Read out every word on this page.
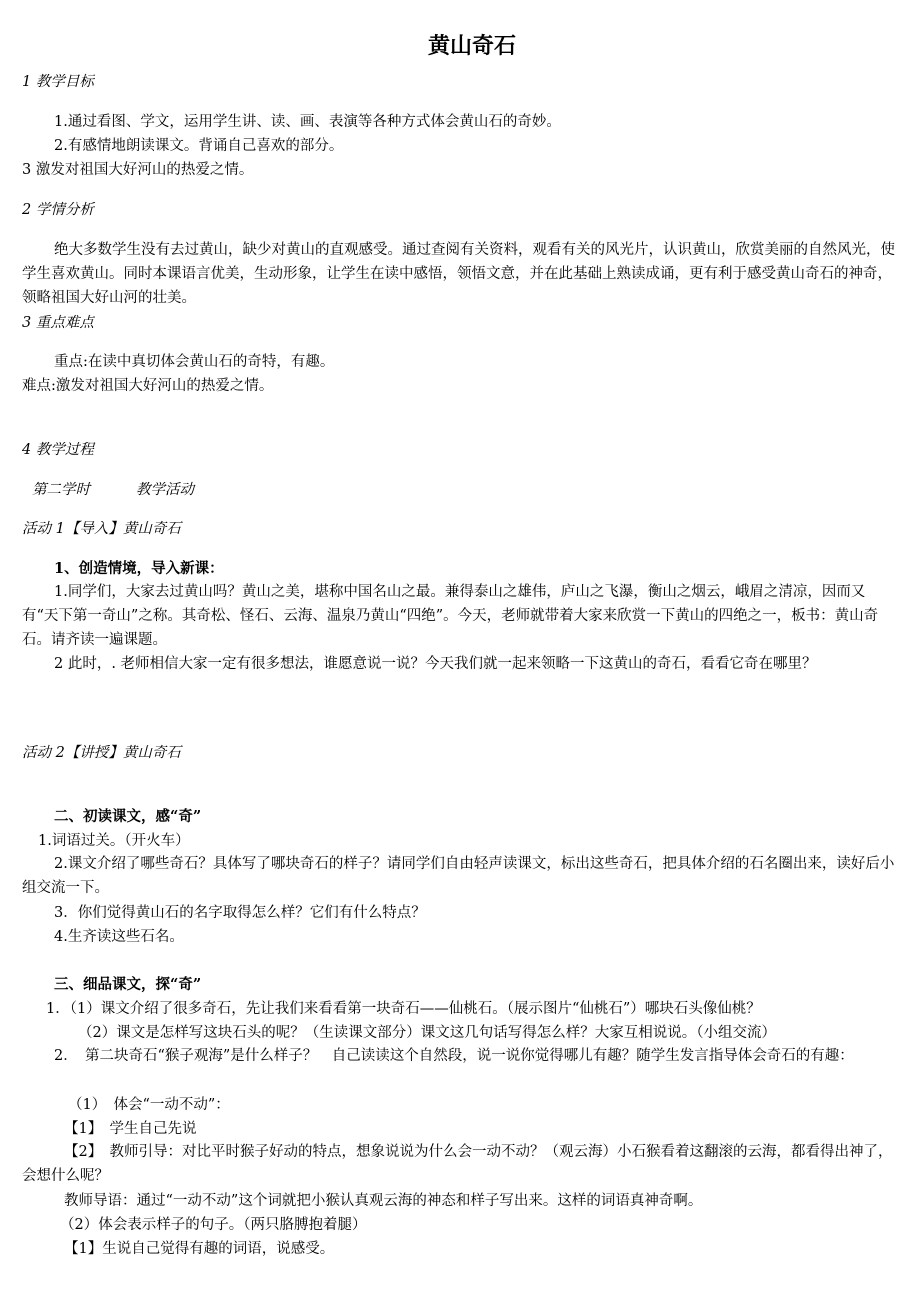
黄山奇石
1 教学目标
1.通过看图、学文，运用学生讲、读、画、表演等各种方式体会黄山石的奇妙。
2.有感情地朗读课文。背诵自己喜欢的部分。
3 激发对祖国大好河山的热爱之情。
2 学情分析
绝大多数学生没有去过黄山，缺少对黄山的直观感受。通过查阅有关资料，观看有关的风光片，认识黄山，欣赏美丽的自然风光，使学生喜欢黄山。同时本课语言优美，生动形象，让学生在读中感悟，领悟文意，并在此基础上熟读成诵，更有利于感受黄山奇石的神奇，领略祖国大好山河的壮美。
3 重点难点
重点:在读中真切体会黄山石的奇特，有趣。
难点:激发对祖国大好河山的热爱之情。
4 教学过程
第二学时	教学活动
活动 1【导入】黄山奇石
1、创造情境，导入新课：
1.同学们，大家去过黄山吗？黄山之美，堪称中国名山之最。兼得泰山之雄伟，庐山之飞瀑，衡山之烟云，峨眉之清凉，因而又有“天下第一奇山”之称。其奇松、怪石、云海、温泉乃黄山“四绝”。今天，老师就带着大家来欣赏一下黄山的四绝之一，板书：黄山奇石。请齐读一遍课题。
2 此时，. 老师相信大家一定有很多想法，谁愿意说一说？今天我们就一起来领略一下这黄山的奇石，看看它奇在哪里？
活动 2【讲授】黄山奇石
二、初读课文，感“奇”
1.词语过关。（开火车）
2.课文介绍了哪些奇石？具体写了哪块奇石的样子？请同学们自由轻声读课文，标出这些奇石，把具体介绍的石名圈出来，读好后小组交流一下。
3．你们觉得黄山石的名字取得怎么样？它们有什么特点？
4.生齐读这些石名。
三、细品课文，探“奇”
1．（1）课文介绍了很多奇石，先让我们来看看第一块奇石——仙桃石。（展示图片“仙桃石”）哪块石头像仙桃？
（2）课文是怎样写这块石头的呢？（生读课文部分）课文这几句话写得怎么样？大家互相说说。（小组交流）
2．　第二块奇石“猴子观海”是什么样子？　自己读读这个自然段，说一说你觉得哪儿有趣？随学生发言指导体会奇石的有趣：
（1）　体会“一动不动”：
【1】　学生自己先说
【2】　教师引导：对比平时猴子好动的特点，想象说说为什么会一动不动？（观云海）小石猴看着这翻滚的云海，都看得出神了，会想什么呢？
教师导语：通过“一动不动”这个词就把小猴认真观云海的神态和样子写出来。这样的词语真神奇啊。
（2）体会表示样子的句子。（两只胳膊抱着腿）
【1】生说自己觉得有趣的词语，说感受。
